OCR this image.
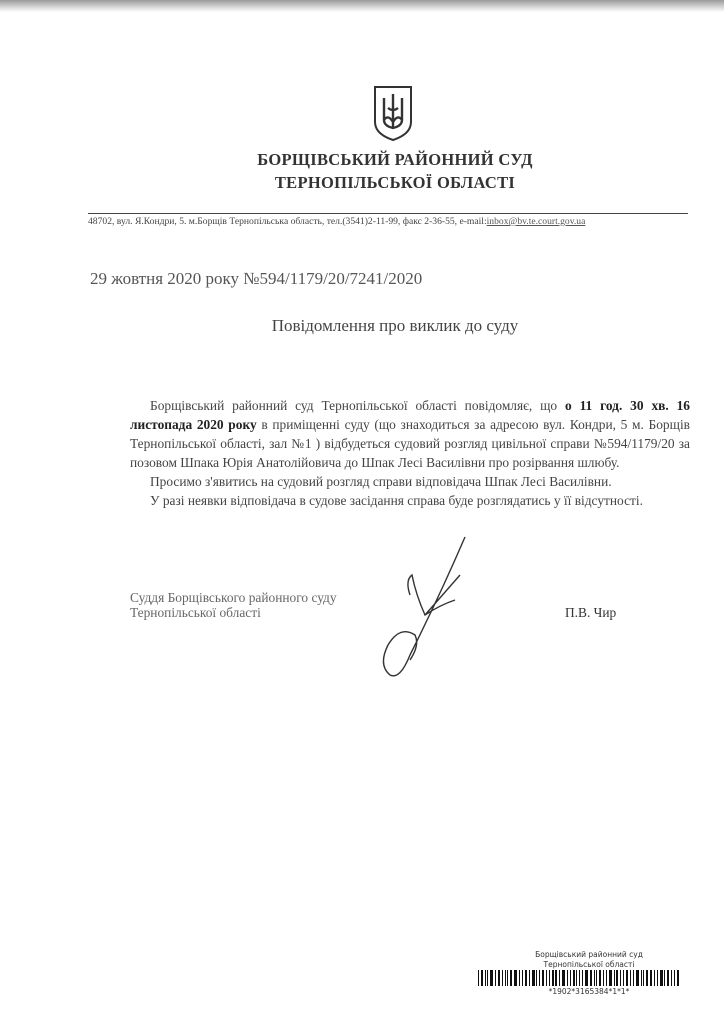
БОРЩІВСЬКИЙ РАЙОННИЙ СУД
ТЕРНОПІЛЬСЬКОЇ ОБЛАСТІ
48702, вул. Я.Кондри, 5. м.Борщів Тернопільська область, тел.(3541)2-11-99, факс 2-36-55, e-mail:inbox@bv.te.court.gov.ua
29 жовтня 2020 року №594/1179/20/7241/2020
Повідомлення про виклик до суду

Борщівський районний суд Тернопільської області повідомляє, що о 11 год. 30 хв. 16 листопада 2020 року в приміщенні суду (що знаходиться за адресою вул. Кондри, 5 м. Борщів Тернопільської області, зал №1 ) відбудеться судовий розгляд цивільної справи №594/1179/20 за позовом Шпака Юрія Анатолійовича до Шпак Лесі Василівни про розірвання шлюбу.

Просимо з'явитись на судовий розгляд справи відповідача Шпак Лесі Василівни.

У разі неявки відповідача в судове засідання справа буде розглядатись у її відсутності.

Суддя Борщівського районного суду
Тернопільської області	П.В. Чир
Борщівський районний суд
Тернопільської області
*1902*3165384*1*1*
